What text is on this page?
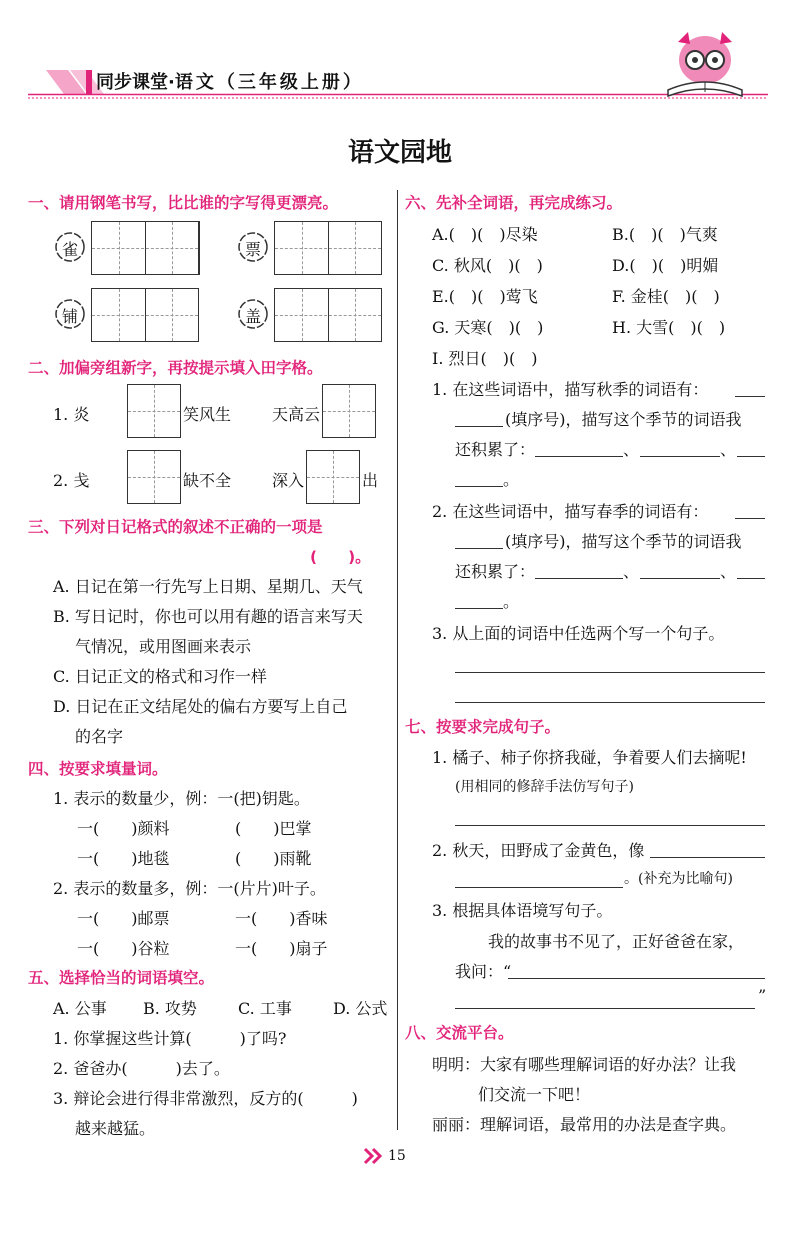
同步课堂·语文（三年级上册）
语文园地
一、请用钢笔书写，比比谁的字写得更漂亮。
雀	票
铺	盖
二、加偏旁组新字，再按提示填入田字格。
1. 炎	笑风生	天高云
2. 戋	缺不全	深入	出
三、下列对日记格式的叙述不正确的一项是
(　　)。
A. 日记在第一行先写上日期、星期几、天气
B. 写日记时，你也可以用有趣的语言来写天
气情况，或用图画来表示
C. 日记正文的格式和习作一样
D. 日记在正文结尾处的偏右方要写上自己
的名字
四、按要求填量词。
1. 表示的数量少，例：一(把)钥匙。
一(　　)颜料	(　　)巴掌
一(　　)地毯	(　　)雨靴
2. 表示的数量多，例：一(片片)叶子。
一(　　)邮票	一(　　)香味
一(　　)谷粒	一(　　)扇子
五、选择恰当的词语填空。
A. 公事 B. 攻势	C. 工事	D. 公式
1. 你掌握这些计算(　　　)了吗?
2. 爸爸办(　　　)去了。
3. 辩论会进行得非常激烈，反方的(　　　)
越来越猛。
六、先补全词语，再完成练习。
A.(　)(　)尽染	B.(　)(　)气爽
C. 秋风(　)(　)	D.(　)(　)明媚
E.(　)(　)莺飞	F. 金桂(　)(　)
G. 天寒(　)(　)	H. 大雪(　)(　)
I. 烈日(　)(　)
1. 在这些词语中，描写秋季的词语有：
(填序号)，描写这个季节的词语我
还积累了：	、	、
。
2. 在这些词语中，描写春季的词语有：
(填序号)，描写这个季节的词语我
还积累了：	、	、
。
3. 从上面的词语中任选两个写一个句子。
七、按要求完成句子。
1. 橘子、柿子你挤我碰，争着要人们去摘呢!
(用相同的修辞手法仿写句子)
2. 秋天，田野成了金黄色，像
。(补充为比喻句)
3. 根据具体语境写句子。
我的故事书不见了，正好爸爸在家，
我问：“
”
八、交流平台。
明明：大家有哪些理解词语的好办法？让我
们交流一下吧！
丽丽：理解词语，最常用的办法是查字典。
15
